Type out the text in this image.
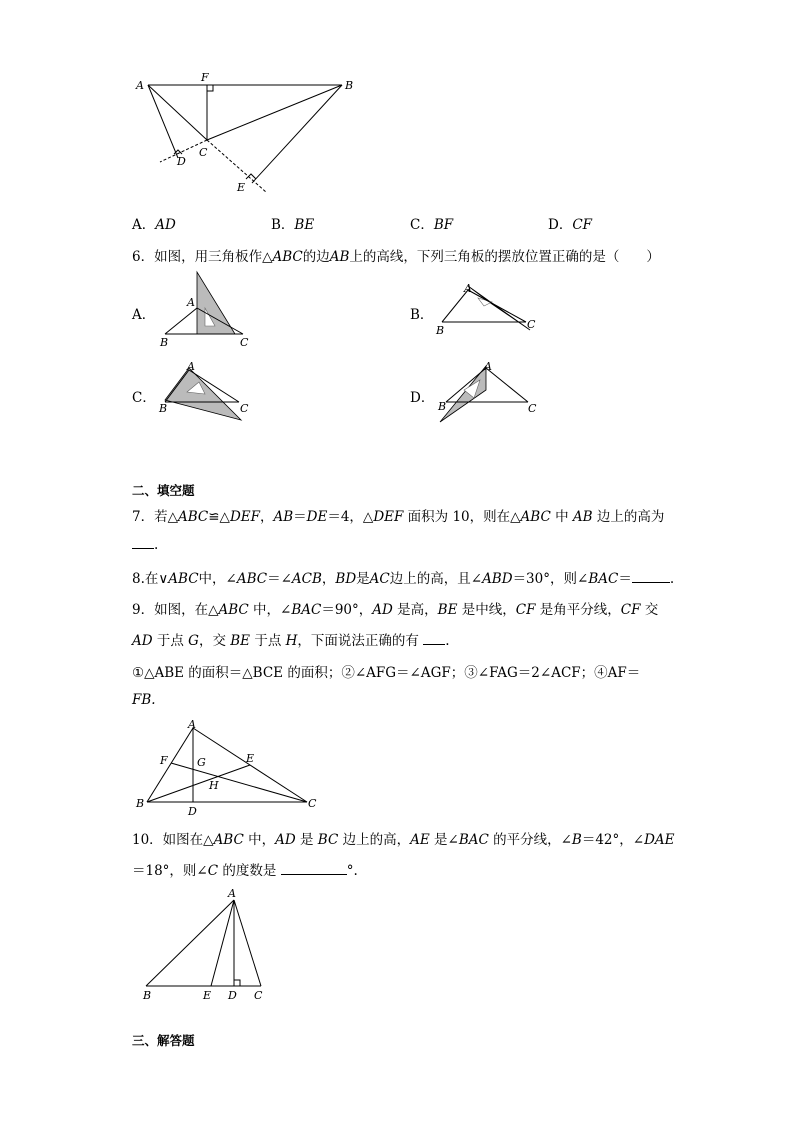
A
F
B
C
D
E
A．AD	B．BE	C．BF	D．CF
6．如图，用三角板作△ABC的边AB上的高线，下列三角板的摆放位置正确的是（　　）
A．
A
B	C
B．
A
B	C
C．
A
B	C
D．
A
B	C
二、填空题
7．若△ABC≌△DEF，AB＝DE＝4，△DEF 面积为 10，则在△ABC 中 AB 边上的高为
.
8.在∨ABC中，∠ABC＝∠ACB，BD是AC边上的高，且∠ABD＝30°，则∠BAC＝	.
9．如图，在△ABC 中，∠BAC＝90°，AD 是高，BE 是中线，CF 是角平分线，CF 交
AD 于点 G，交 BE 于点 H，下面说法正确的有 .
①△ABE 的面积＝△BCE 的面积；②∠AFG＝∠AGF；③∠FAG＝2∠ACF；④AF＝
FB.
A
F	G	E
H
B
D
C
10．如图在△ABC 中，AD 是 BC 边上的高，AE 是∠BAC 的平分线，∠B＝42°，∠DAE
＝18°，则∠C 的度数是	°.
A
B	E D C
三、解答题
